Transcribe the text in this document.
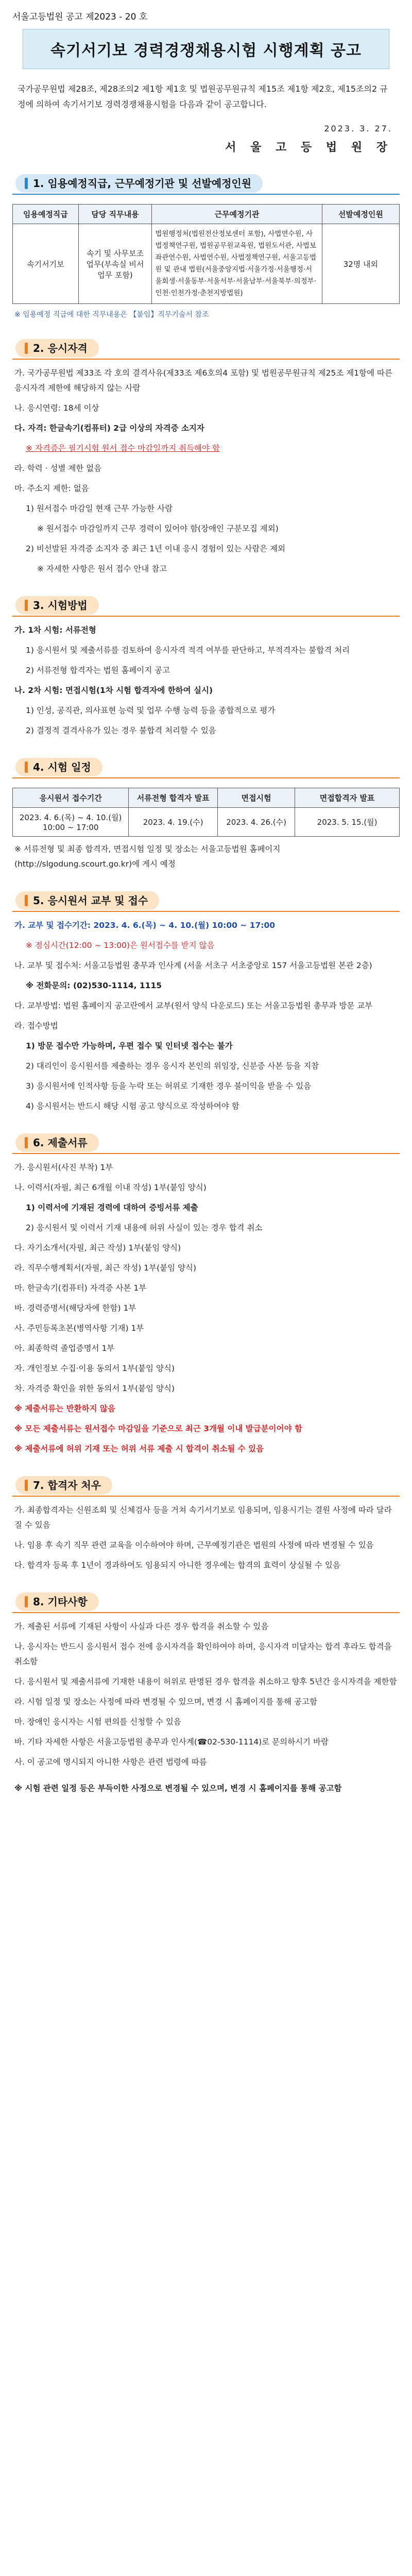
서울고등법원 공고 제2023 - 20 호
속기서기보 경력경쟁채용시험 시행계획 공고
국가공무원법 제28조, 제28조의2 제1항 제1호 및 법원공무원규칙 제15조 제1항 제2호, 제15조의2 규정에 의하여 속기서기보 경력경쟁채용시험을 다음과 같이 공고합니다.
2023. 3. 27.
서 울 고 등 법 원 장
1. 임용예정직급, 근무예정기관 및 선발예정인원
임용예정직급	담당 직무내용	근무예정기관	선발예정인원
속기서기보	속기 및 사무보조 업무(부속실 비서 업무 포함)	법원행정처(법원전산정보센터 포함), 사법연수원, 사법정책연구원, 법원공무원교육원, 법원도서관, 사법보좌관연수원, 사법연수원, 사법정책연구원, 서울고등법원 및 관내 법원(서울중앙지법·서울가정·서울행정·서울회생·서울동부·서울서부·서울남부·서울북부·의정부·인천·인천가정·춘천지방법원)	32명 내외
※ 임용예정 직급에 대한 직무내용은 【붙임】직무기술서 참조
2. 응시자격
가. 국가공무원법 제33조 각 호의 결격사유(제33조 제6호의4 포함) 및 법원공무원규칙 제25조 제1항에 따른 응시자격 제한에 해당하지 않는 사람
나. 응시연령: 18세 이상
다. 자격: 한글속기(컴퓨터) 2급 이상의 자격증 소지자
※ 자격증은 필기시험 원서 접수 마감일까지 취득해야 함
라. 학력 · 성별 제한 없음
마. 주소지 제한: 없음
1) 원서접수 마감일 현재 근무 가능한 사람
※ 원서접수 마감일까지 근무 경력이 있어야 함(장애인 구분모집 제외)
2) 비선발된 자격증 소지자 중 최근 1년 이내 응시 경험이 있는 사람은 제외
※ 자세한 사항은 원서 접수 안내 참고
3. 시험방법
가. 1차 시험: 서류전형
1) 응시원서 및 제출서류를 검토하여 응시자격 적격 여부를 판단하고, 부적격자는 불합격 처리
2) 서류전형 합격자는 법원 홈페이지 공고
나. 2차 시험: 면접시험(1차 시험 합격자에 한하여 실시)
1) 인성, 공직관, 의사표현 능력 및 업무 수행 능력 등을 종합적으로 평가
2) 결정적 결격사유가 있는 경우 불합격 처리할 수 있음
4. 시험 일정
응시원서 접수기간	서류전형 합격자 발표	면접시험	면접합격자 발표
2023. 4. 6.(목) ~ 4. 10.(월) 10:00 ~ 17:00	2023. 4. 19.(수)	2023. 4. 26.(수)	2023. 5. 15.(월)
※ 서류전형 및 최종 합격자, 면접시험 일정 및 장소는 서울고등법원 홈페이지(http://slgodung.scourt.go.kr)에 게시 예정
5. 응시원서 교부 및 접수
가. 교부 및 접수기간: 2023. 4. 6.(목) ~ 4. 10.(월) 10:00 ~ 17:00
※ 점심시간(12:00 ~ 13:00)은 원서접수를 받지 않음
나. 교부 및 접수처: 서울고등법원 총무과 인사계 (서울 서초구 서초중앙로 157 서울고등법원 본관 2층)
※ 전화문의: (02)530-1114, 1115
다. 교부방법: 법원 홈페이지 공고란에서 교부(원서 양식 다운로드) 또는 서울고등법원 총무과 방문 교부
라. 접수방법
1) 방문 접수만 가능하며, 우편 접수 및 인터넷 접수는 불가
2) 대리인이 응시원서를 제출하는 경우 응시자 본인의 위임장, 신분증 사본 등을 지참
3) 응시원서에 인적사항 등을 누락 또는 허위로 기재한 경우 불이익을 받을 수 있음
4) 응시원서는 반드시 해당 시험 공고 양식으로 작성하여야 함
6. 제출서류
가. 응시원서(사진 부착) 1부
나. 이력서(자필, 최근 6개월 이내 작성) 1부(붙임 양식)
1) 이력서에 기재된 경력에 대하여 증빙서류 제출
2) 응시원서 및 이력서 기재 내용에 허위 사실이 있는 경우 합격 취소
다. 자기소개서(자필, 최근 작성) 1부(붙임 양식)
라. 직무수행계획서(자필, 최근 작성) 1부(붙임 양식)
마. 한글속기(컴퓨터) 자격증 사본 1부
바. 경력증명서(해당자에 한함) 1부
사. 주민등록초본(병역사항 기재) 1부
아. 최종학력 졸업증명서 1부
자. 개인정보 수집·이용 동의서 1부(붙임 양식)
차. 자격증 확인을 위한 동의서 1부(붙임 양식)
※ 제출서류는 반환하지 않음
※ 모든 제출서류는 원서접수 마감일을 기준으로 최근 3개월 이내 발급분이어야 함
※ 제출서류에 허위 기재 또는 허위 서류 제출 시 합격이 취소될 수 있음
7. 합격자 처우
가. 최종합격자는 신원조회 및 신체검사 등을 거쳐 속기서기보로 임용되며, 임용시기는 결원 사정에 따라 달라질 수 있음
나. 임용 후 속기 직무 관련 교육을 이수하여야 하며, 근무예정기관은 법원의 사정에 따라 변경될 수 있음
다. 합격자 등록 후 1년이 경과하여도 임용되지 아니한 경우에는 합격의 효력이 상실될 수 있음
8. 기타사항
가. 제출된 서류에 기재된 사항이 사실과 다른 경우 합격을 취소할 수 있음
나. 응시자는 반드시 응시원서 접수 전에 응시자격을 확인하여야 하며, 응시자격 미달자는 합격 후라도 합격을 취소함
다. 응시원서 및 제출서류에 기재한 내용이 허위로 판명된 경우 합격을 취소하고 향후 5년간 응시자격을 제한함
라. 시험 일정 및 장소는 사정에 따라 변경될 수 있으며, 변경 시 홈페이지를 통해 공고함
마. 장애인 응시자는 시험 편의를 신청할 수 있음
바. 기타 자세한 사항은 서울고등법원 총무과 인사계(☎02-530-1114)로 문의하시기 바람
사. 이 공고에 명시되지 아니한 사항은 관련 법령에 따름
※ 시험 관련 일정 등은 부득이한 사정으로 변경될 수 있으며, 변경 시 홈페이지를 통해 공고함
